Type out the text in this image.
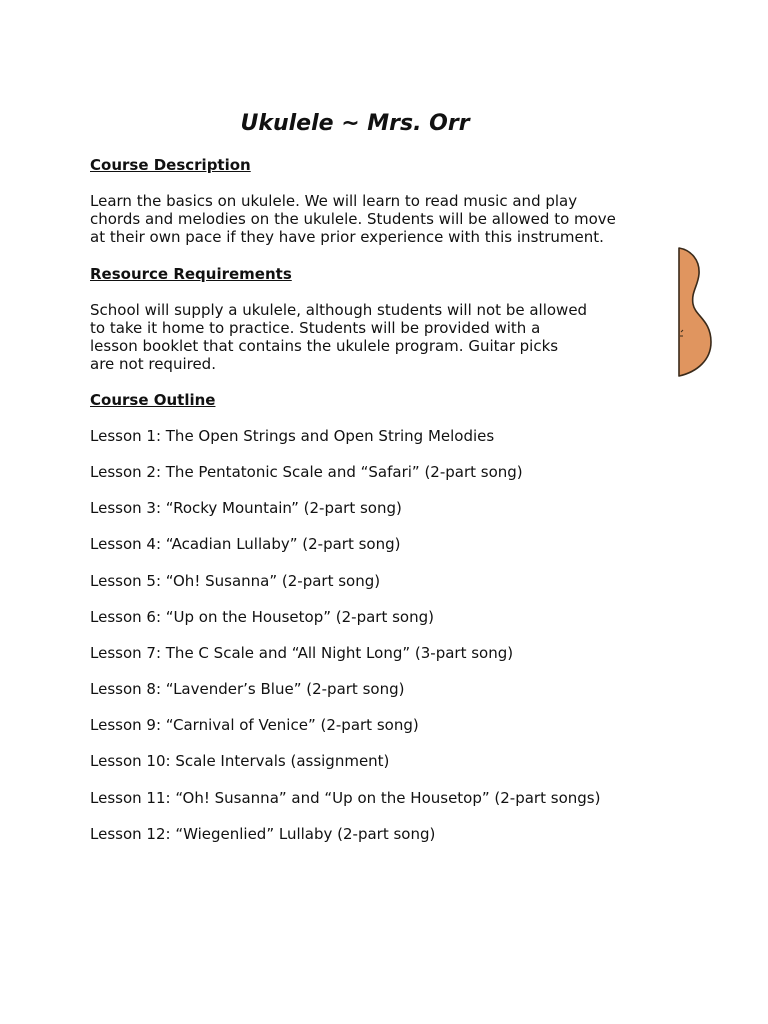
Ukulele ~ Mrs. Orr
Course Description

Learn the basics on ukulele. We will learn to read music and play
chords and melodies on the ukulele. Students will be allowed to move
at their own pace if they have prior experience with this instrument.

Resource Requirements

School will supply a ukulele, although students will not be allowed
to take it home to practice. Students will be provided with a
lesson booklet that contains the ukulele program. Guitar picks
are not required.

Course Outline

Lesson 1: The Open Strings and Open String Melodies

Lesson 2: The Pentatonic Scale and “Safari” (2-part song)

Lesson 3: “Rocky Mountain” (2-part song)

Lesson 4: “Acadian Lullaby” (2-part song)

Lesson 5: “Oh! Susanna” (2-part song)

Lesson 6: “Up on the Housetop” (2-part song)

Lesson 7: The C Scale and “All Night Long” (3-part song)

Lesson 8: “Lavender’s Blue” (2-part song)

Lesson 9: “Carnival of Venice” (2-part song)

Lesson 10: Scale Intervals (assignment)

Lesson 11: “Oh! Susanna” and “Up on the Housetop” (2-part songs)

Lesson 12: “Wiegenlied” Lullaby (2-part song)
